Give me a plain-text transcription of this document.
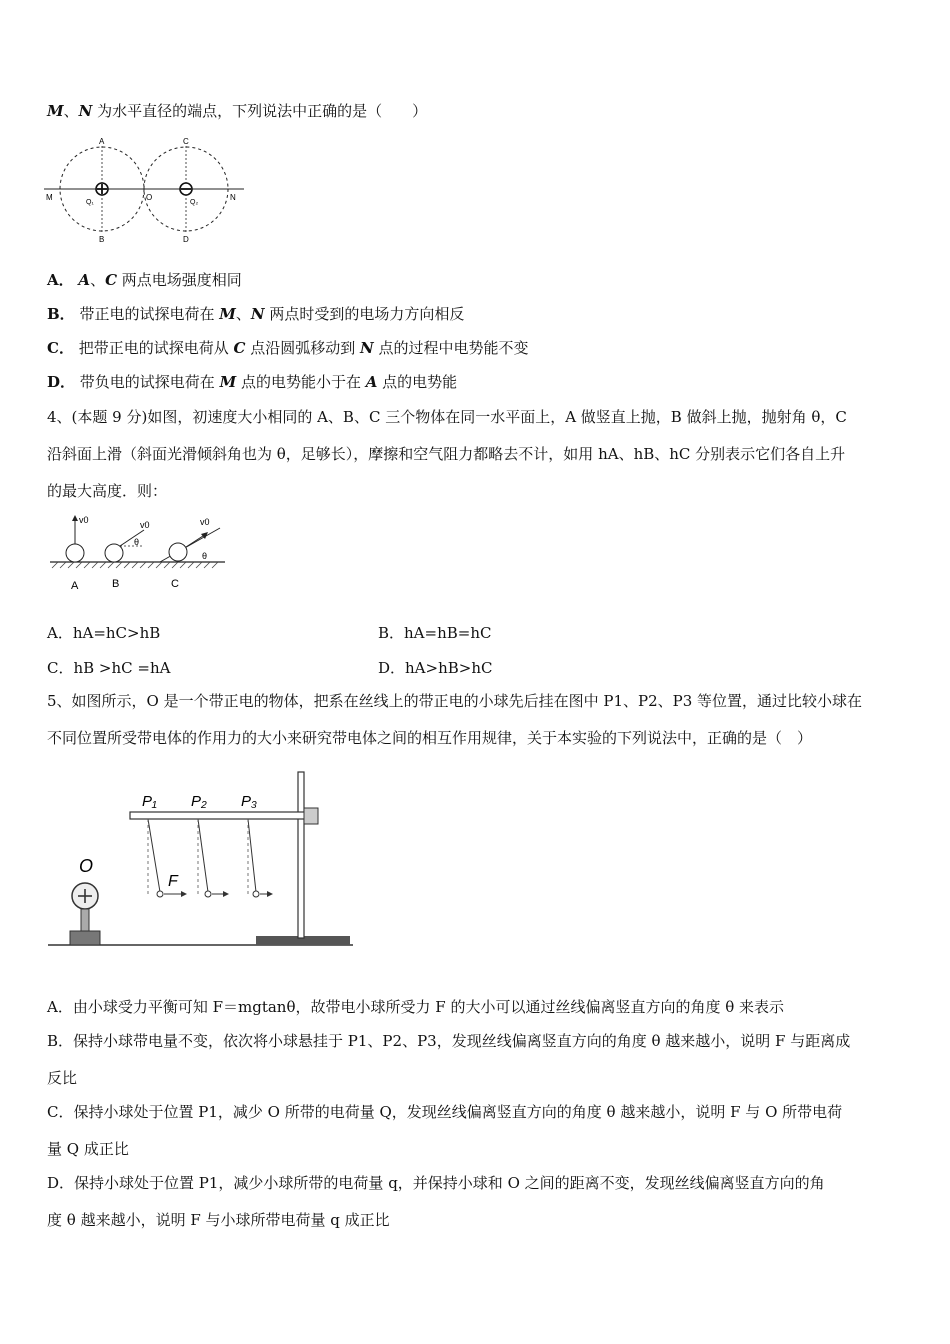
M、N 为水平直径的端点，下列说法中正确的是（　　）
A
B
C
D
M	N
O
Q₁	Q₂
A． A、C 两点电场强度相同
B． 带正电的试探电荷在 M、N 两点时受到的电场力方向相反
C． 把带正电的试探电荷从 C 点沿圆弧移动到 N 点的过程中电势能不变
D． 带负电的试探电荷在 M 点的电势能小于在 A 点的电势能
4、(本题 9 分)如图，初速度大小相同的 A、B、C 三个物体在同一水平面上，A 做竖直上抛，B 做斜上抛，抛射角 θ，C
沿斜面上滑（斜面光滑倾斜角也为 θ，足够长），摩擦和空气阻力都略去不计，如用 hA、hB、hC 分别表示它们各自上升
的最大高度．则：
v0	v0
θ
v0
θ
A	B	C
A．hA=hC>hB	B．hA=hB=hC
C．hB >hC =hA	D．hA>hB>hC
5、如图所示，O 是一个带正电的物体，把系在丝线上的带正电的小球先后挂在图中 P1、P2、P3 等位置，通过比较小球在
不同位置所受带电体的作用力的大小来研究带电体之间的相互作用规律，关于本实验的下列说法中，正确的是（　）
P₁ P₂ P₃
F
O
A．由小球受力平衡可知 F＝mgtanθ，故带电小球所受力 F 的大小可以通过丝线偏离竖直方向的角度 θ 来表示
B．保持小球带电量不变，依次将小球悬挂于 P1、P2、P3，发现丝线偏离竖直方向的角度 θ 越来越小，说明 F 与距离成
反比
C．保持小球处于位置 P1，减少 O 所带的电荷量 Q，发现丝线偏离竖直方向的角度 θ 越来越小，说明 F 与 O 所带电荷
量 Q 成正比
D．保持小球处于位置 P1，减少小球所带的电荷量 q，并保持小球和 O 之间的距离不变，发现丝线偏离竖直方向的角
度 θ 越来越小，说明 F 与小球所带电荷量 q 成正比
